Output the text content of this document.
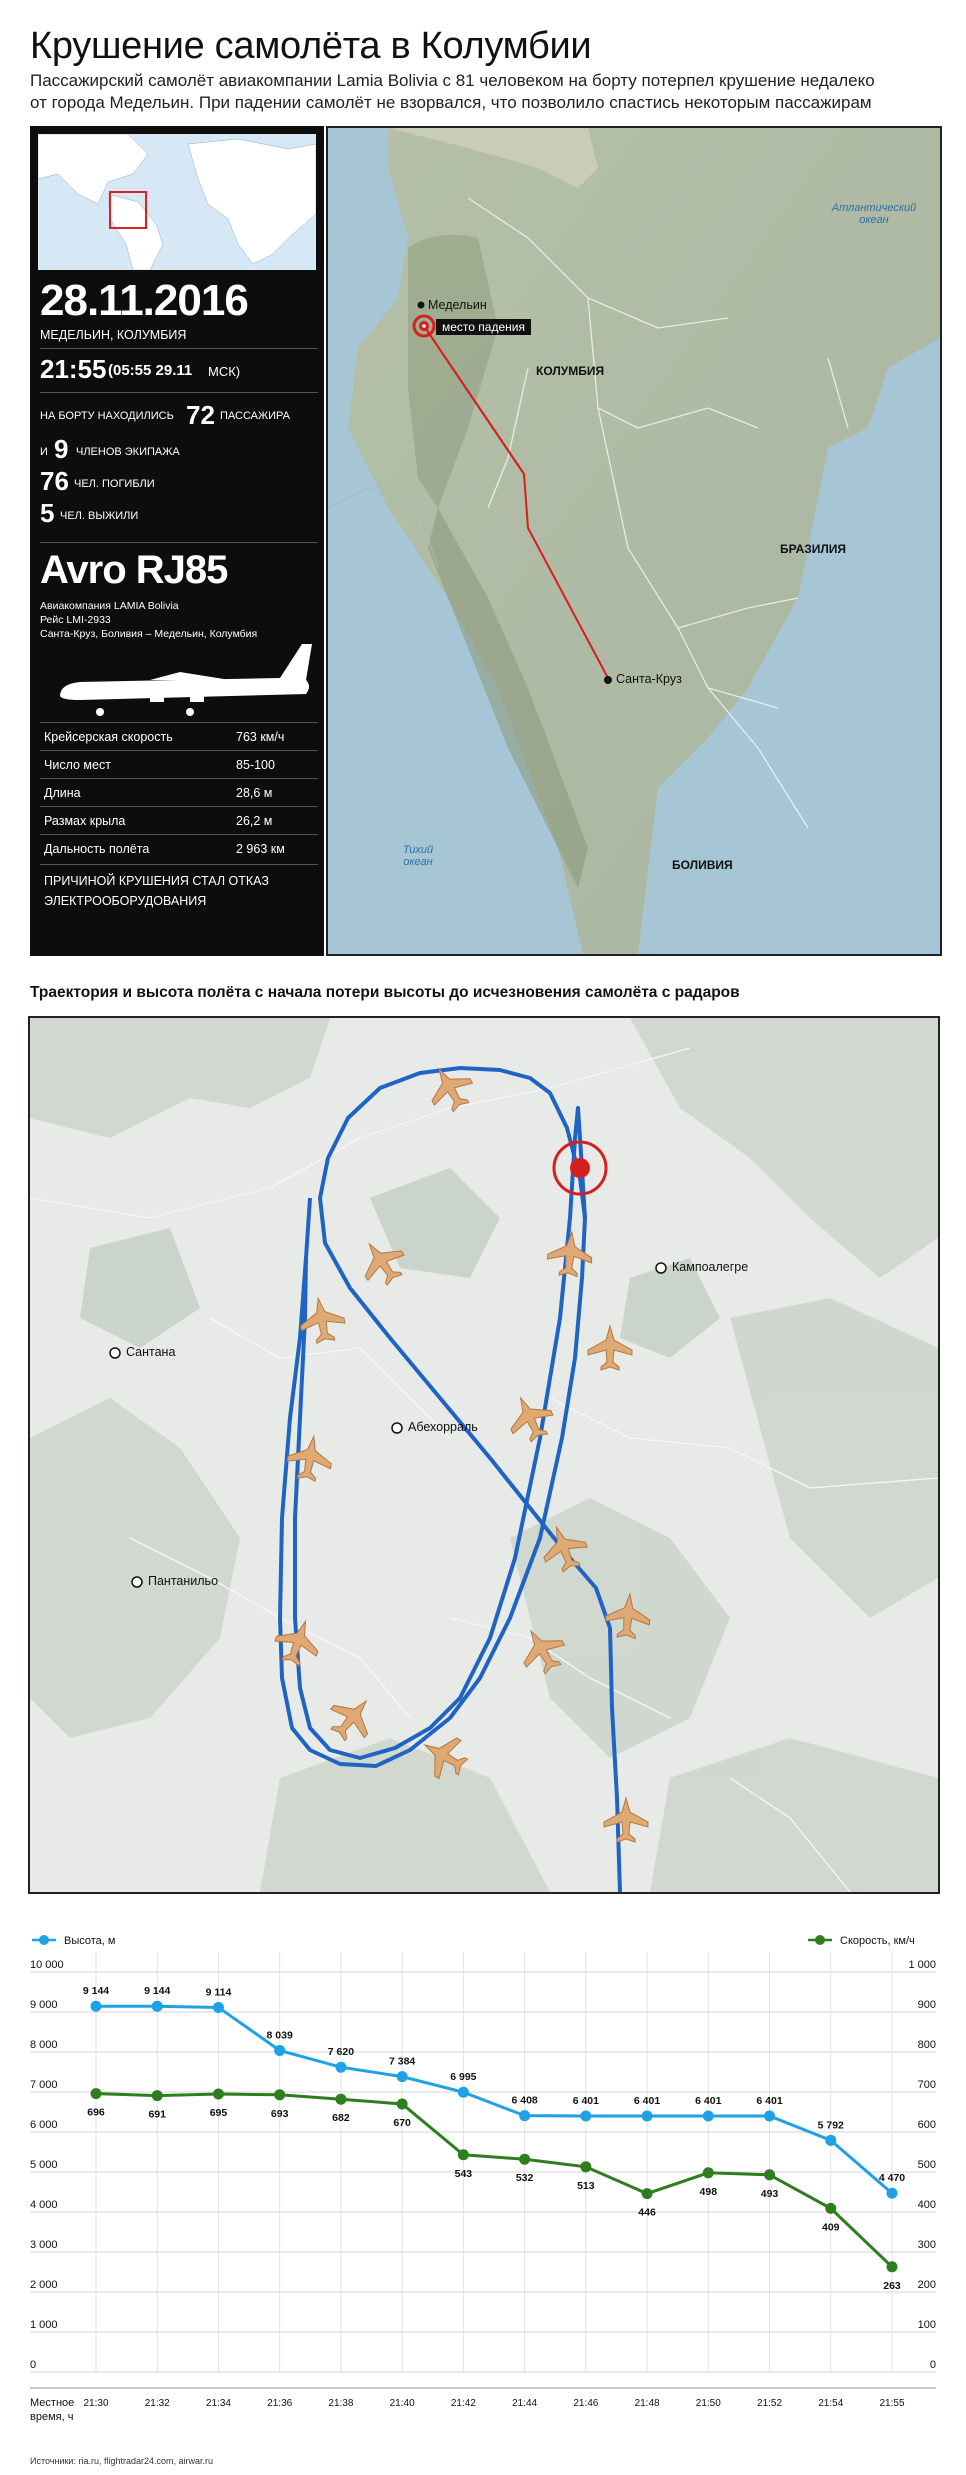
Крушение самолёта в Колумбии
Пассажирский самолёт авиакомпании Lamia Bolivia с 81 человеком на борту потерпел крушение недалеко
от города Медельин. При падении самолёт не взорвался, что позволило спастись некоторым пассажирам
28.11.2016
МЕДЕЛЬИН, КОЛУМБИЯ
21:55 (05:55 29.11 МСК)
НА БОРТУ НАХОДИЛИСЬ 72 ПАССАЖИРА
И 9 ЧЛЕНОВ ЭКИПАЖА
76 ЧЕЛ. ПОГИБЛИ
5 ЧЕЛ. ВЫЖИЛИ
Avro RJ85
Авиакомпания LAMIA Bolivia
Рейс LMI-2933
Санта-Круз, Боливия – Медельин, Колумбия
Крейсерская скорость	763 км/ч
Число мест	85-100
Длина	28,6 м
Размах крыла	26,2 м
Дальность полёта	2 963 км
ПРИЧИНОЙ КРУШЕНИЯ СТАЛ ОТКАЗ
ЭЛЕКТРООБОРУДОВАНИЯ
Медельин
место падения
КОЛУМБИЯ
БРАЗИЛИЯ
БОЛИВИЯ
Санта-Круз
Атлантический
океан
Тихий
океан
Траектория и высота полёта с начала потери высоты до исчезновения самолёта с радаров
Кампоалегре
Сантана
Абехорраль
Пантанильо
0	0
1 000	100
2 000	200
3 000	300
4 000	400
5 000	500
6 000	600
7 000	700
8 000	800
9 000	900
10 000	1 000
21:30	21:32	21:34	21:36	21:38	21:40	21:42	21:44	21:46	21:48	21:50	21:52	21:54	21:55
Местное
время, ч
Высота, м	Скорость, км/ч
9 144	9 144	9 114
8 039
7 620
7 384
6 995
6 408	6 401	6 401	6 401	6 401
5 792
4 470
696	691	695	693	682	670
543	532
513
446
498	493
409
263
Источники: ria.ru, flightradar24.com, airwar.ru
